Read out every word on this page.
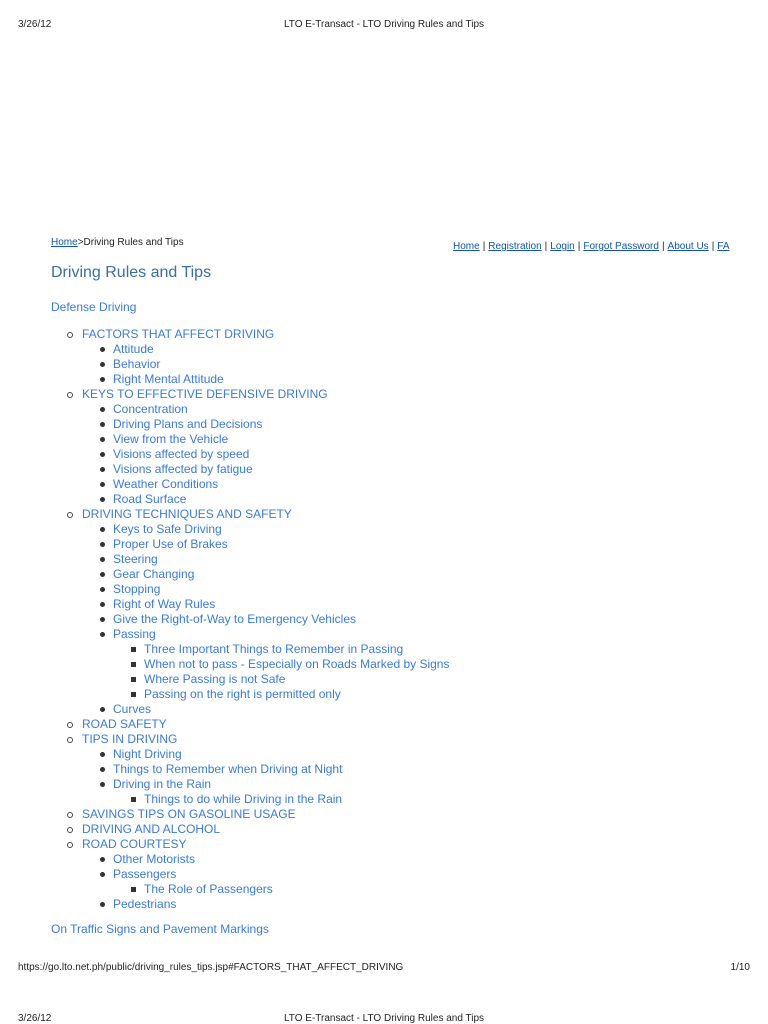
3/26/12	LTO E-Transact - LTO Driving Rules and Tips
Home>Driving Rules and Tips	Home | Registration | Login | Forgot Password | About Us | FA
Driving Rules and Tips
Defense Driving
FACTORS THAT AFFECT DRIVING
Attitude
Behavior
Right Mental Attitude
KEYS TO EFFECTIVE DEFENSIVE DRIVING
Concentration
Driving Plans and Decisions
View from the Vehicle
Visions affected by speed
Visions affected by fatigue
Weather Conditions
Road Surface
DRIVING TECHNIQUES AND SAFETY
Keys to Safe Driving
Proper Use of Brakes
Steering
Gear Changing
Stopping
Right of Way Rules
Give the Right-of-Way to Emergency Vehicles
Passing
Three Important Things to Remember in Passing
When not to pass - Especially on Roads Marked by Signs
Where Passing is not Safe
Passing on the right is permitted only
Curves
ROAD SAFETY
TIPS IN DRIVING
Night Driving
Things to Remember when Driving at Night
Driving in the Rain
Things to do while Driving in the Rain
SAVINGS TIPS ON GASOLINE USAGE
DRIVING AND ALCOHOL
ROAD COURTESY
Other Motorists
Passengers
The Role of Passengers
Pedestrians
On Traffic Signs and Pavement Markings
https://go.lto.net.ph/public/driving_rules_tips.jsp#FACTORS_THAT_AFFECT_DRIVING	1/10
3/26/12	LTO E-Transact - LTO Driving Rules and Tips
